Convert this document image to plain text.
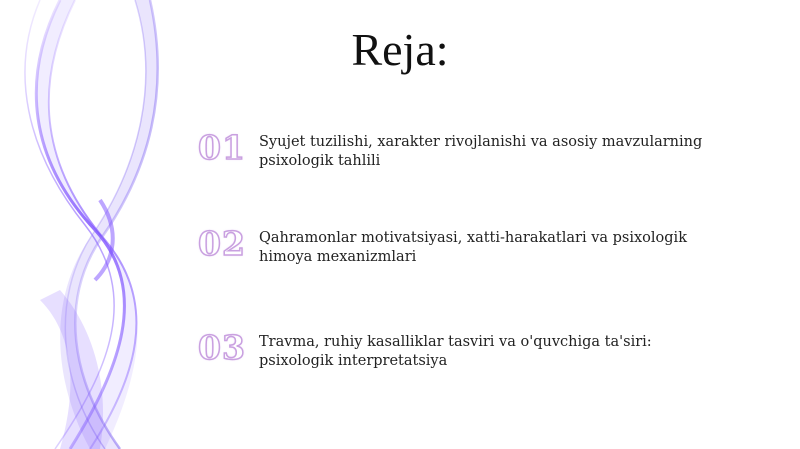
Reja:
01 Syujet tuzilishi, xarakter rivojlanishi va asosiy mavzularning psixologik tahlili
02 Qahramonlar motivatsiyasi, xatti-harakatlari va psixologik himoya mexanizmlari
03 Travma, ruhiy kasalliklar tasviri va o'quvchiga ta'siri: psixologik interpretatsiya
